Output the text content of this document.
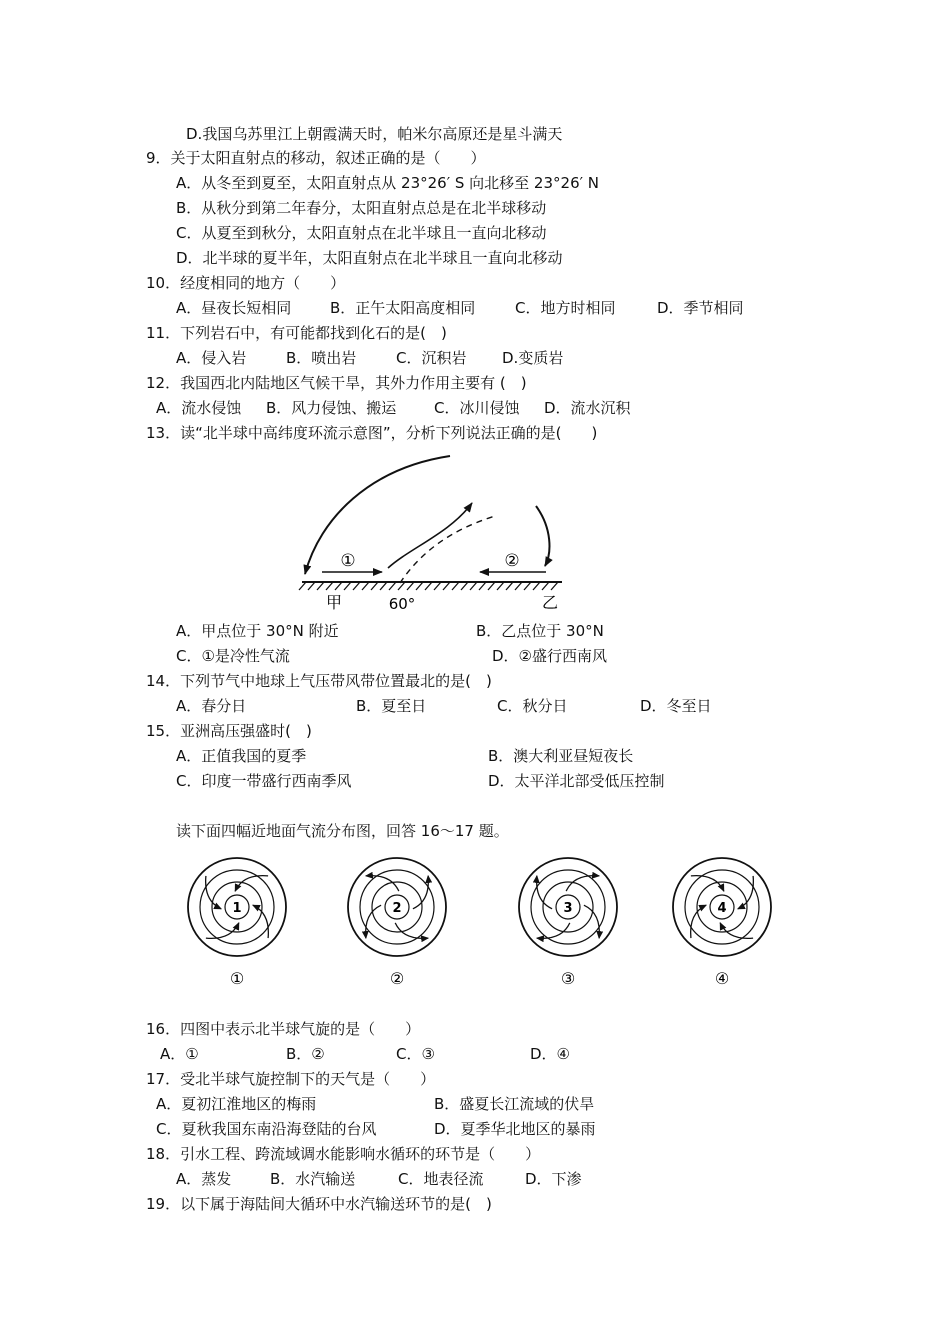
D.我国乌苏里江上朝霞满天时，帕米尔高原还是星斗满天
9．关于太阳直射点的移动，叙述正确的是（　　）
A．从冬至到夏至，太阳直射点从 23°26′ S 向北移至 23°26′ N
B．从秋分到第二年春分，太阳直射点总是在北半球移动
C．从夏至到秋分，太阳直射点在北半球且一直向北移动
D．北半球的夏半年，太阳直射点在北半球且一直向北移动
10．经度相同的地方（　　）
A．昼夜长短相同	B．正午太阳高度相同	C．地方时相同	D．季节相同
11．下列岩石中，有可能都找到化石的是(　)
A．侵入岩	B．喷出岩	C．沉积岩 D.变质岩
12．我国西北内陆地区气候干旱，其外力作用主要有 (　)
A．流水侵蚀 B．风力侵蚀、搬运	C．冰川侵蚀 D．流水沉积
13．读“北半球中高纬度环流示意图”，分析下列说法正确的是(　　)
①	②
甲	60°	乙
A．甲点位于 30°N 附近	B．乙点位于 30°N
C．①是冷性气流	D．②盛行西南风
14．下列节气中地球上气压带风带位置最北的是(　)
A．春分日	B．夏至日	C．秋分日	D．冬至日
15．亚洲高压强盛时(　)
A．正值我国的夏季	B．澳大利亚昼短夜长
C．印度一带盛行西南季风	D．太平洋北部受低压控制
读下面四幅近地面气流分布图，回答 16～17 题。
1	2	3	4
①	②	③	④
16．四图中表示北半球气旋的是（　　）
A．①	B．②	C．③	D．④
17．受北半球气旋控制下的天气是（　　）
A．夏初江淮地区的梅雨	B．盛夏长江流域的伏旱
C．夏秋我国东南沿海登陆的台风	D．夏季华北地区的暴雨
18．引水工程、跨流域调水能影响水循环的环节是（　　）
A．蒸发	B．水汽输送	C．地表径流	D．下渗
19．以下属于海陆间大循环中水汽输送环节的是(　)
